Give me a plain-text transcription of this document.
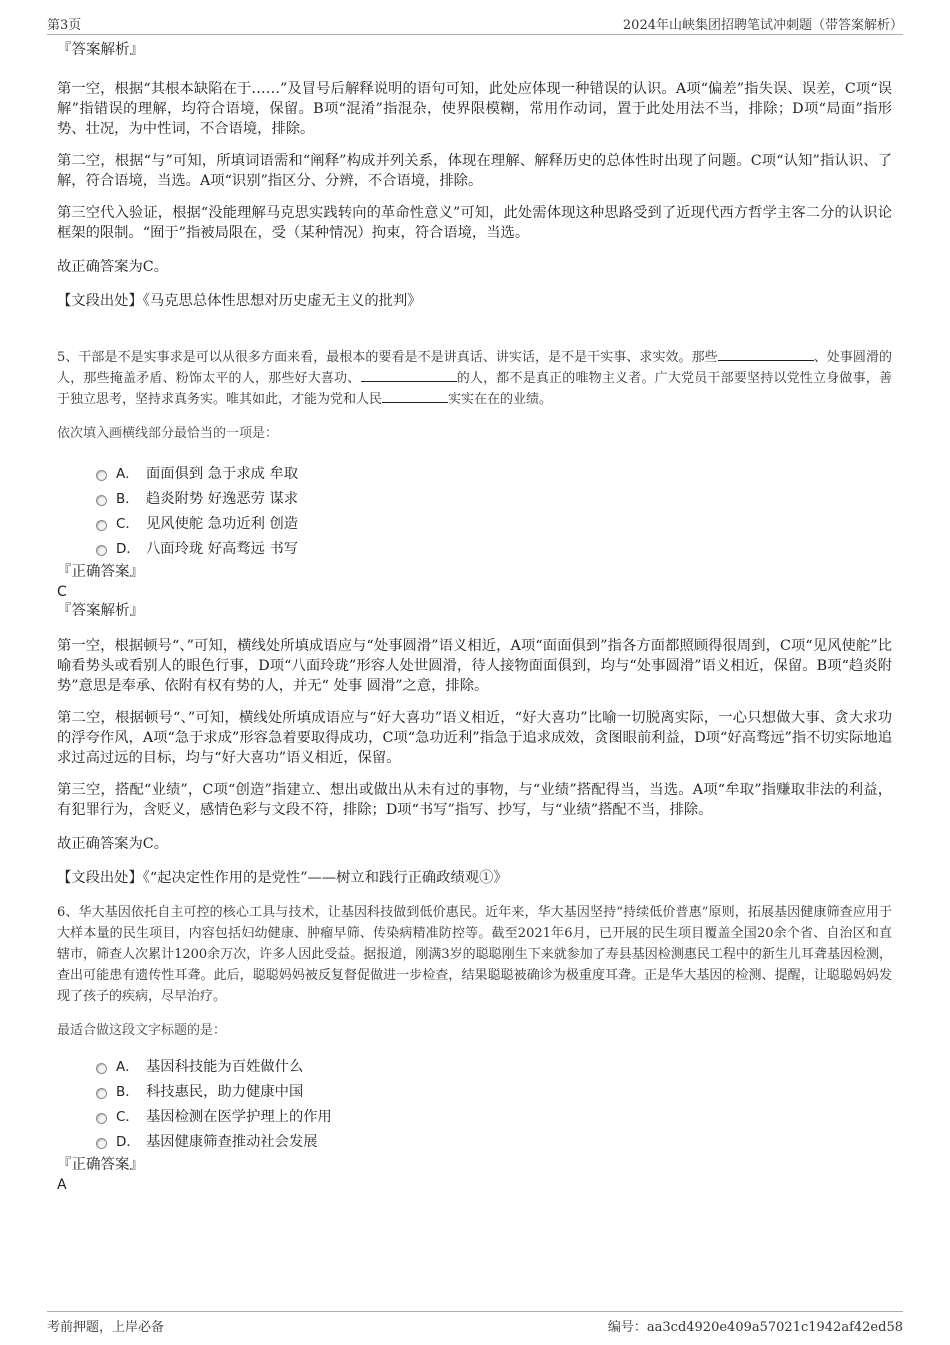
第3页	2024年山峡集团招聘笔试冲刺题（带答案解析）

『答案解析』

第一空，根据“其根本缺陷在于……”及冒号后解释说明的语句可知，此处应体现一种错误的认识。A项“偏差”指失误、误差，C项“误解”指错误的理解，均符合语境，保留。B项“混淆”指混杂，使界限模糊，常用作动词，置于此处用法不当，排除；D项“局面”指形势、壮况，为中性词，不合语境，排除。

第二空，根据“与”可知，所填词语需和“阐释”构成并列关系，体现在理解、解释历史的总体性时出现了问题。C项“认知”指认识、了解，符合语境，当选。A项“识别”指区分、分辨，不合语境，排除。

第三空代入验证，根据“没能理解马克思实践转向的革命性意义”可知，此处需体现这种思路受到了近现代西方哲学主客二分的认识论框架的限制。“囿于”指被局限在，受（某种情况）拘束，符合语境，当选。

故正确答案为C。

【文段出处】《马克思总体性思想对历史虚无主义的批判》

5、干部是不是实事求是可以从很多方面来看，最根本的要看是不是讲真话、讲实话，是不是干实事、求实效。那些	、处事圆滑的人，那些掩盖矛盾、粉饰太平的人，那些好大喜功、	的人，都不是真正的唯物主义者。广大党员干部要坚持以党性立身做事，善于独立思考，坚持求真务实。唯其如此，才能为党和人民	实实在在的业绩。

依次填入画横线部分最恰当的一项是：

A． 面面俱到 急于求成 牟取
B． 趋炎附势 好逸恶劳 谋求
C． 见风使舵 急功近利 创造
D． 八面玲珑 好高骛远 书写

『正确答案』

C

『答案解析』

第一空，根据顿号“、”可知，横线处所填成语应与“处事圆滑”语义相近，A项“面面俱到”指各方面都照顾得很周到，C项“见风使舵”比喻看势头或看别人的眼色行事，D项“八面玲珑”形容人处世圆滑，待人接物面面俱到，均与“处事圆滑”语义相近，保留。B项“趋炎附势”意思是奉承、依附有权有势的人，并无“ 处事 圆滑”之意，排除。

第二空，根据顿号“、”可知，横线处所填成语应与“好大喜功”语义相近，“好大喜功”比喻一切脱离实际，一心只想做大事、贪大求功的浮夸作风，A项“急于求成”形容急着要取得成功，C项“急功近利”指急于追求成效，贪图眼前利益，D项“好高骛远”指不切实际地追求过高过远的目标，均与“好大喜功”语义相近，保留。

第三空，搭配“业绩”，C项“创造”指建立、想出或做出从未有过的事物，与“业绩”搭配得当，当选。A项“牟取”指赚取非法的利益，有犯罪行为，含贬义，感情色彩与文段不符，排除；D项“书写”指写、抄写，与“业绩”搭配不当，排除。

故正确答案为C。

【文段出处】《“起决定性作用的是党性”——树立和践行正确政绩观①》

6、华大基因依托自主可控的核心工具与技术，让基因科技做到低价惠民。近年来，华大基因坚持“持续低价普惠”原则，拓展基因健康筛查应用于大样本量的民生项目，内容包括妇幼健康、肿瘤早筛、传染病精准防控等。截至2021年6月，已开展的民生项目覆盖全国20余个省、自治区和直辖市，筛查人次累计1200余万次，许多人因此受益。据报道，刚满3岁的聪聪刚生下来就参加了寿县基因检测惠民工程中的新生儿耳聋基因检测，查出可能患有遗传性耳聋。此后，聪聪妈妈被反复督促做进一步检查，结果聪聪被确诊为极重度耳聋。正是华大基因的检测、提醒，让聪聪妈妈发现了孩子的疾病，尽早治疗。

最适合做这段文字标题的是：

A． 基因科技能为百姓做什么
B． 科技惠民，助力健康中国
C． 基因检测在医学护理上的作用
D． 基因健康筛查推动社会发展

『正确答案』

A

考前押题，上岸必备	编号：aa3cd4920e409a57021c1942af42ed58
